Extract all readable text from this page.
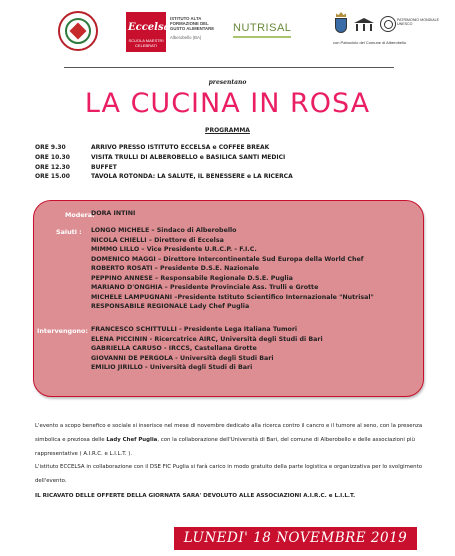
Eccelsa
SCUOLA MAESTRI CELEBRATI
ISTITUTO ALTA FORMAZIONE DEL GUSTO ALIMENTARE
Alberobello (BA)
NUTRISAL
PATRIMONIO MONDIALE UNESCO
con Patrocinio del Comune di Alberobello
presentano
LA CUCINA IN ROSA
PROGRAMMA
ORE 9.30	ARRIVO PRESSO ISTITUTO ECCELSA e COFFEE BREAK
ORE 10.30	VISITA TRULLI DI ALBEROBELLO e BASILICA SANTI MEDICI
ORE 12.30	BUFFET
ORE 15.00	TAVOLA ROTONDA: LA SALUTE, IL BENESSERE e LA RICERCA
Modera:
DORA INTINI
Saluti : LONGO MICHELE – Sindaco di Alberobello
NICOLA CHIELLI – Direttore di Eccelsa
MIMMO LILLO – Vice Presidente U.R.C.P. - F.I.C.
DOMENICO MAGGI – Direttore Intercontinentale Sud Europa della World Chef
ROBERTO ROSATI – Presidente D.S.E. Nazionale
PEPPINO ANNESE – Responsabile Regionale D.S.E. Puglia
MARIANO D'ONGHIA – Presidente Provinciale Ass. Trulli e Grotte
MICHELE LAMPUGNANI –Presidente Istituto Scientifico Internazionale "Nutrisal"
RESPONSABILE REGIONALE Lady Chef Puglia
Intervengono: FRANCESCO SCHITTULLI - Presidente Lega Italiana Tumori
ELENA PICCININ - Ricercatrice AIRC, Università degli Studi di Bari
GABRIELLA CARUSO - IRCCS, Castellana Grotte
GIOVANNI DE PERGOLA - Università degli Studi Bari
EMILIO JIRILLO - Università degli Studi di Bari

L'evento a scopo benefico e sociale si inserisce nel mese di novembre dedicato alla ricerca contro il cancro e il tumore al seno, con la presenza simbolica e preziosa delle Lady Chef Puglia, con la collaborazione dell'Università di Bari, del comune di Alberobello e delle associazioni più rappresentative ( A.I.R.C. e L.I.L.T. ).

L'istituto ECCELSA in collaborazione con il DSE FIC Puglia si farà carico in modo gratuito della parte logistica e organizzativa per lo svolgimento dell'evento.

IL RICAVATO DELLE OFFERTE DELLA GIORNATA SARA' DEVOLUTO ALLE ASSOCIAZIONI A.I.R.C. e L.I.L.T.
LUNEDI' 18 NOVEMBRE 2019
